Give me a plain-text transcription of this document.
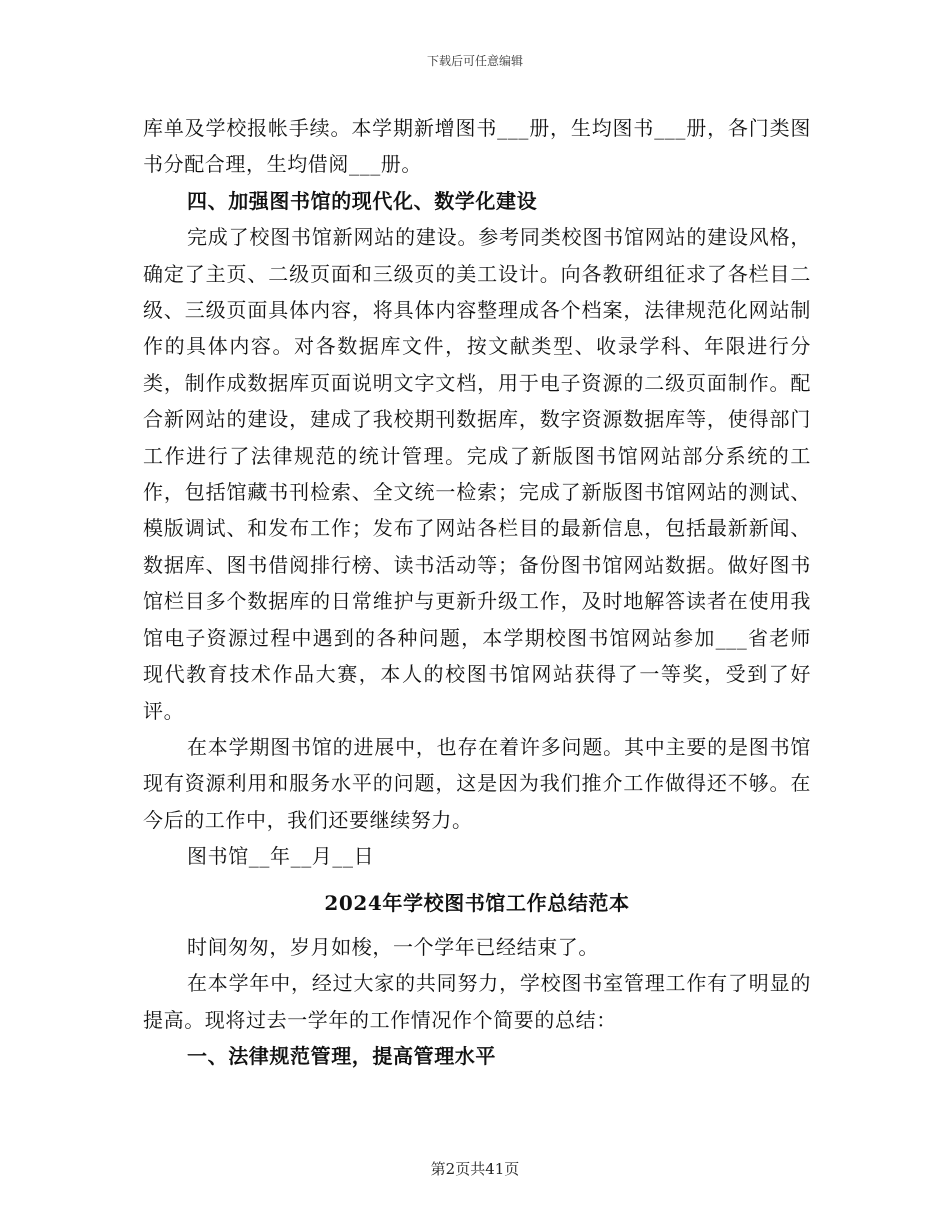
下载后可任意编辑

库单及学校报帐手续。本学期新增图书___册，生均图书___册，各门类图书分配合理，生均借阅___册。

四、加强图书馆的现代化、数学化建设

完成了校图书馆新网站的建设。参考同类校图书馆网站的建设风格，确定了主页、二级页面和三级页的美工设计。向各教研组征求了各栏目二级、三级页面具体内容，将具体内容整理成各个档案，法律规范化网站制作的具体内容。对各数据库文件，按文献类型、收录学科、年限进行分类，制作成数据库页面说明文字文档，用于电子资源的二级页面制作。配合新网站的建设，建成了我校期刊数据库，数字资源数据库等，使得部门工作进行了法律规范的统计管理。完成了新版图书馆网站部分系统的工作，包括馆藏书刊检索、全文统一检索；完成了新版图书馆网站的测试、模版调试、和发布工作；发布了网站各栏目的最新信息，包括最新新闻、数据库、图书借阅排行榜、读书活动等；备份图书馆网站数据。做好图书馆栏目多个数据库的日常维护与更新升级工作，及时地解答读者在使用我馆电子资源过程中遇到的各种问题，本学期校图书馆网站参加___省老师现代教育技术作品大赛，本人的校图书馆网站获得了一等奖，受到了好评。

在本学期图书馆的进展中，也存在着许多问题。其中主要的是图书馆现有资源利用和服务水平的问题，这是因为我们推介工作做得还不够。在今后的工作中，我们还要继续努力。

图书馆__年__月__日

2024年学校图书馆工作总结范本

时间匆匆，岁月如梭，一个学年已经结束了。

在本学年中，经过大家的共同努力，学校图书室管理工作有了明显的提高。现将过去一学年的工作情况作个简要的总结：

一、法律规范管理，提高管理水平

第2页共41页
